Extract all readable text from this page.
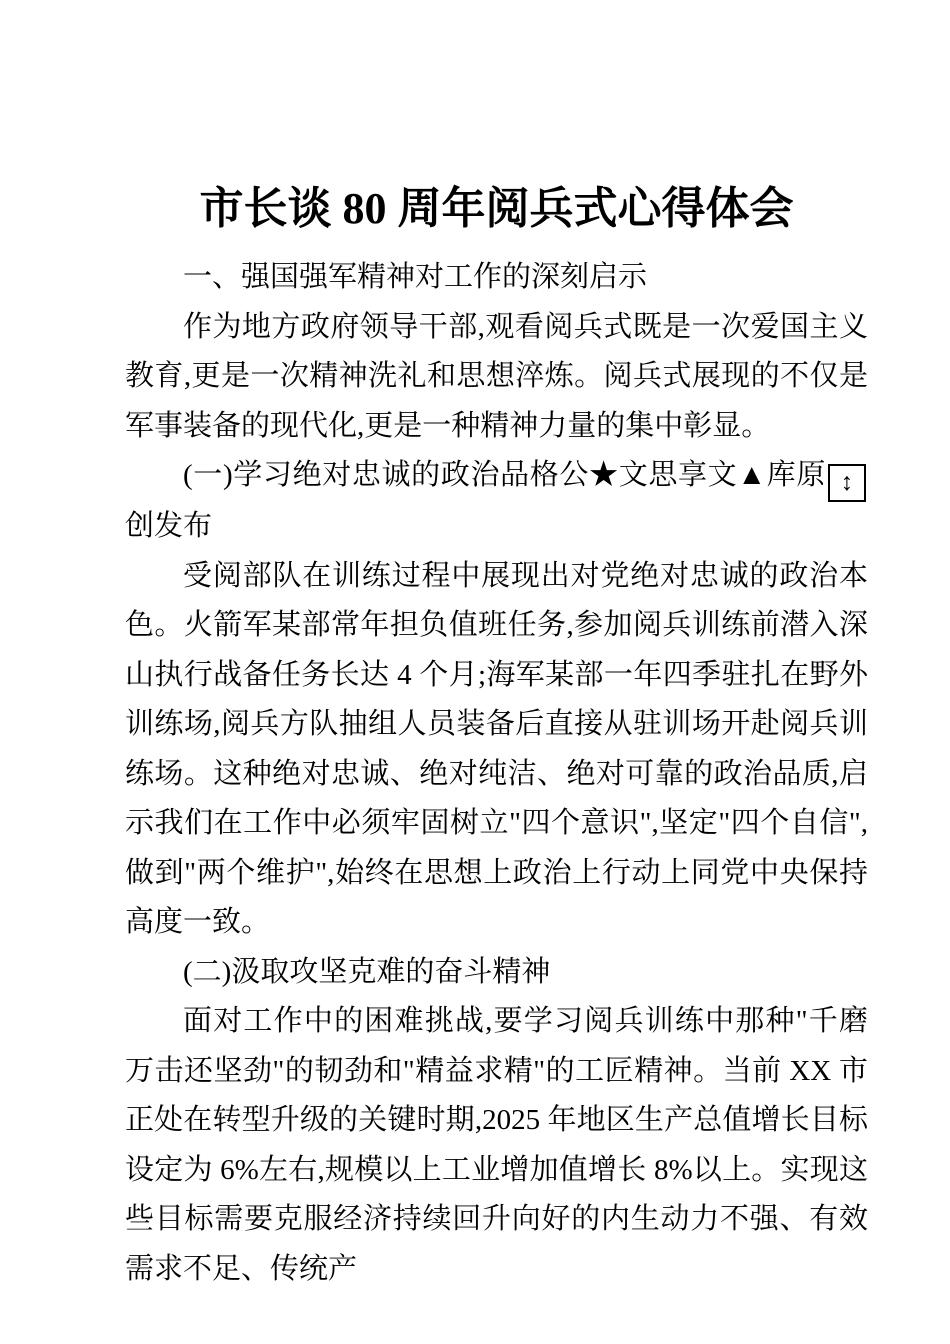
市长谈 80 周年阅兵式心得体会

一、强国强军精神对工作的深刻启示

作为地方政府领导干部,观看阅兵式既是一次爱国主义教育,更是一次精神洗礼和思想淬炼。阅兵式展现的不仅是军事装备的现代化,更是一种精神力量的集中彰显。

(一)学习绝对忠诚的政治品格公★文思享文▲库原 ↕创发布

受阅部队在训练过程中展现出对党绝对忠诚的政治本色。火箭军某部常年担负值班任务,参加阅兵训练前潜入深山执行战备任务长达 4 个月;海军某部一年四季驻扎在野外训练场,阅兵方队抽组人员装备后直接从驻训场开赴阅兵训练场。这种绝对忠诚、绝对纯洁、绝对可靠的政治品质,启示我们在工作中必须牢固树立"四个意识",坚定"四个自信",做到"两个维护",始终在思想上政治上行动上同党中央保持高度一致。

(二)汲取攻坚克难的奋斗精神

面对工作中的困难挑战,要学习阅兵训练中那种"千磨万击还坚劲"的韧劲和"精益求精"的工匠精神。当前 XX 市正处在转型升级的关键时期,2025 年地区生产总值增长目标设定为 6%左右,规模以上工业增加值增长 8%以上。实现这些目标需要克服经济持续回升向好的内生动力不强、有效需求不足、传统产
